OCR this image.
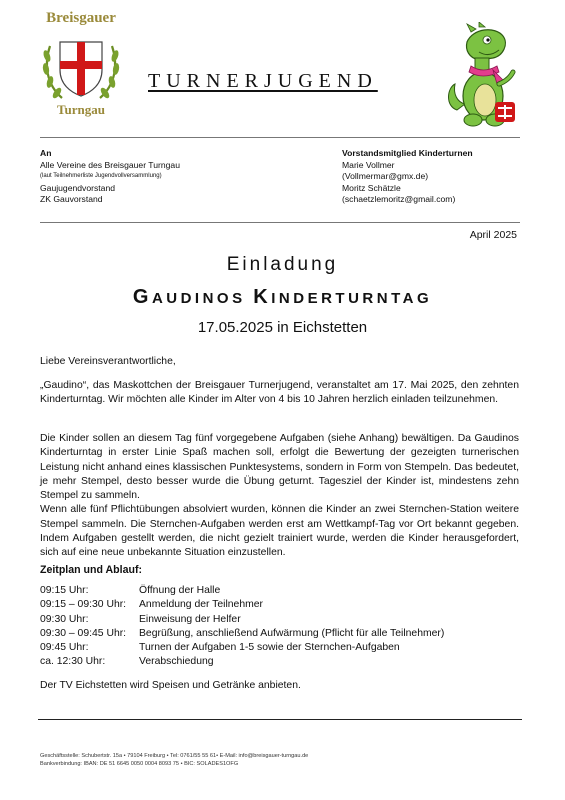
Breisgauer
Turngau
TURNERJUGEND
An
Alle Vereine des Breisgauer Turngau
(laut Teilnehmerliste Jugendvollversammlung)
Gaujugendvorstand
ZK Gauvorstand
Vorstandsmitglied Kinderturnen
Marie Vollmer
(Vollmermar@gmx.de)
Moritz Schätzle
(schaetzlemoritz@gmail.com)
April 2025
Einladung
GAUDINOS KINDERTURNTAG
17.05.2025 in Eichstetten
Liebe Vereinsverantwortliche,

„Gaudino“, das Maskottchen der Breisgauer Turnerjugend, veranstaltet am 17. Mai 2025, den zehnten Kinderturntag. Wir möchten alle Kinder im Alter von 4 bis 10 Jahren herzlich einladen teilzunehmen.

Die Kinder sollen an diesem Tag fünf vorgegebene Aufgaben (siehe Anhang) bewältigen. Da Gaudinos Kinderturntag in erster Linie Spaß machen soll, erfolgt die Bewertung der gezeigten turnerischen Leistung nicht anhand eines klassischen Punktesystems, sondern in Form von Stempeln. Das bedeutet, je mehr Stempel, desto besser wurde die Übung geturnt. Tagesziel der Kinder ist, mindestens zehn Stempel zu sammeln.

Wenn alle fünf Pflichtübungen absolviert wurden, können die Kinder an zwei Sternchen-Station weitere Stempel sammeln. Die Sternchen-Aufgaben werden erst am Wettkampf-Tag vor Ort bekannt gegeben. Indem Aufgaben gestellt werden, die nicht gezielt trainiert wurde, werden die Kinder herausgefordert, sich auf eine neue unbekannte Situation einzustellen.

Zeitplan und Ablauf:
09:15 Uhr:	Öffnung der Halle
09:15 – 09:30 Uhr:	Anmeldung der Teilnehmer
09:30 Uhr:	Einweisung der Helfer
09:30 – 09:45 Uhr:	Begrüßung, anschließend Aufwärmung (Pflicht für alle Teilnehmer)
09:45 Uhr:	Turnen der Aufgaben 1-5 sowie der Sternchen-Aufgaben
ca. 12:30 Uhr:	Verabschiedung
Der TV Eichstetten wird Speisen und Getränke anbieten.
Geschäftsstelle: Schubertstr. 15a • 79104 Freiburg • Tel: 0761/55 55 61• E-Mail: info@breisgauer-turngau.de
Bankverbindung: IBAN: DE 51 6645 0050 0004 8093 75 • BIC: SOLADES1OFG
